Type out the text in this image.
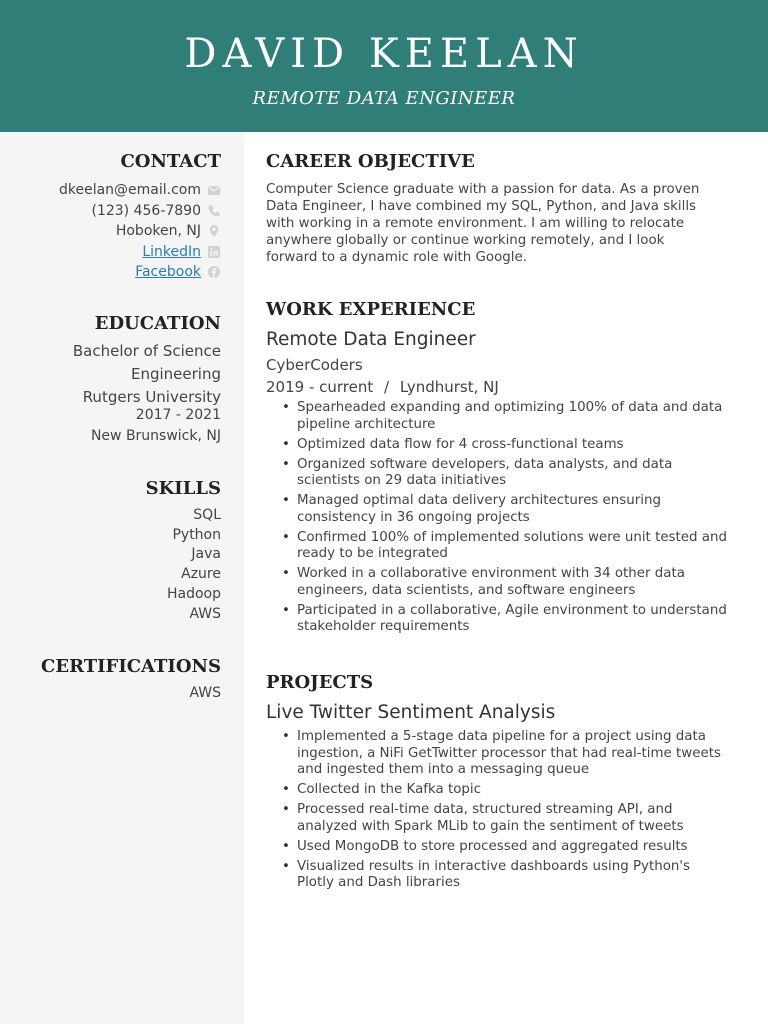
DAVID KEELAN
REMOTE DATA ENGINEER
CONTACT
dkeelan@email.com
(123) 456-7890
Hoboken, NJ
LinkedIn
Facebook
EDUCATION
Bachelor of Science
Engineering
Rutgers University
2017 - 2021
New Brunswick, NJ
SKILLS
SQL
Python
Java
Azure
Hadoop
AWS
CERTIFICATIONS
AWS
CAREER OBJECTIVE

Computer Science graduate with a passion for data. As a proven Data Engineer, I have combined my SQL, Python, and Java skills with working in a remote environment. I am willing to relocate anywhere globally or continue working remotely, and I look forward to a dynamic role with Google.

WORK EXPERIENCE
Remote Data Engineer
CyberCoders
2019 - current / Lyndhurst, NJ
• Spearheaded expanding and optimizing 100% of data and data pipeline architecture
• Optimized data flow for 4 cross-functional teams
• Organized software developers, data analysts, and data scientists on 29 data initiatives
• Managed optimal data delivery architectures ensuring consistency in 36 ongoing projects
• Confirmed 100% of implemented solutions were unit tested and ready to be integrated
• Worked in a collaborative environment with 34 other data engineers, data scientists, and software engineers
• Participated in a collaborative, Agile environment to understand stakeholder requirements
PROJECTS
Live Twitter Sentiment Analysis
• Implemented a 5-stage data pipeline for a project using data ingestion, a NiFi GetTwitter processor that had real-time tweets and ingested them into a messaging queue
• Collected in the Kafka topic
• Processed real-time data, structured streaming API, and analyzed with Spark MLib to gain the sentiment of tweets
• Used MongoDB to store processed and aggregated results
• Visualized results in interactive dashboards using Python's Plotly and Dash libraries
